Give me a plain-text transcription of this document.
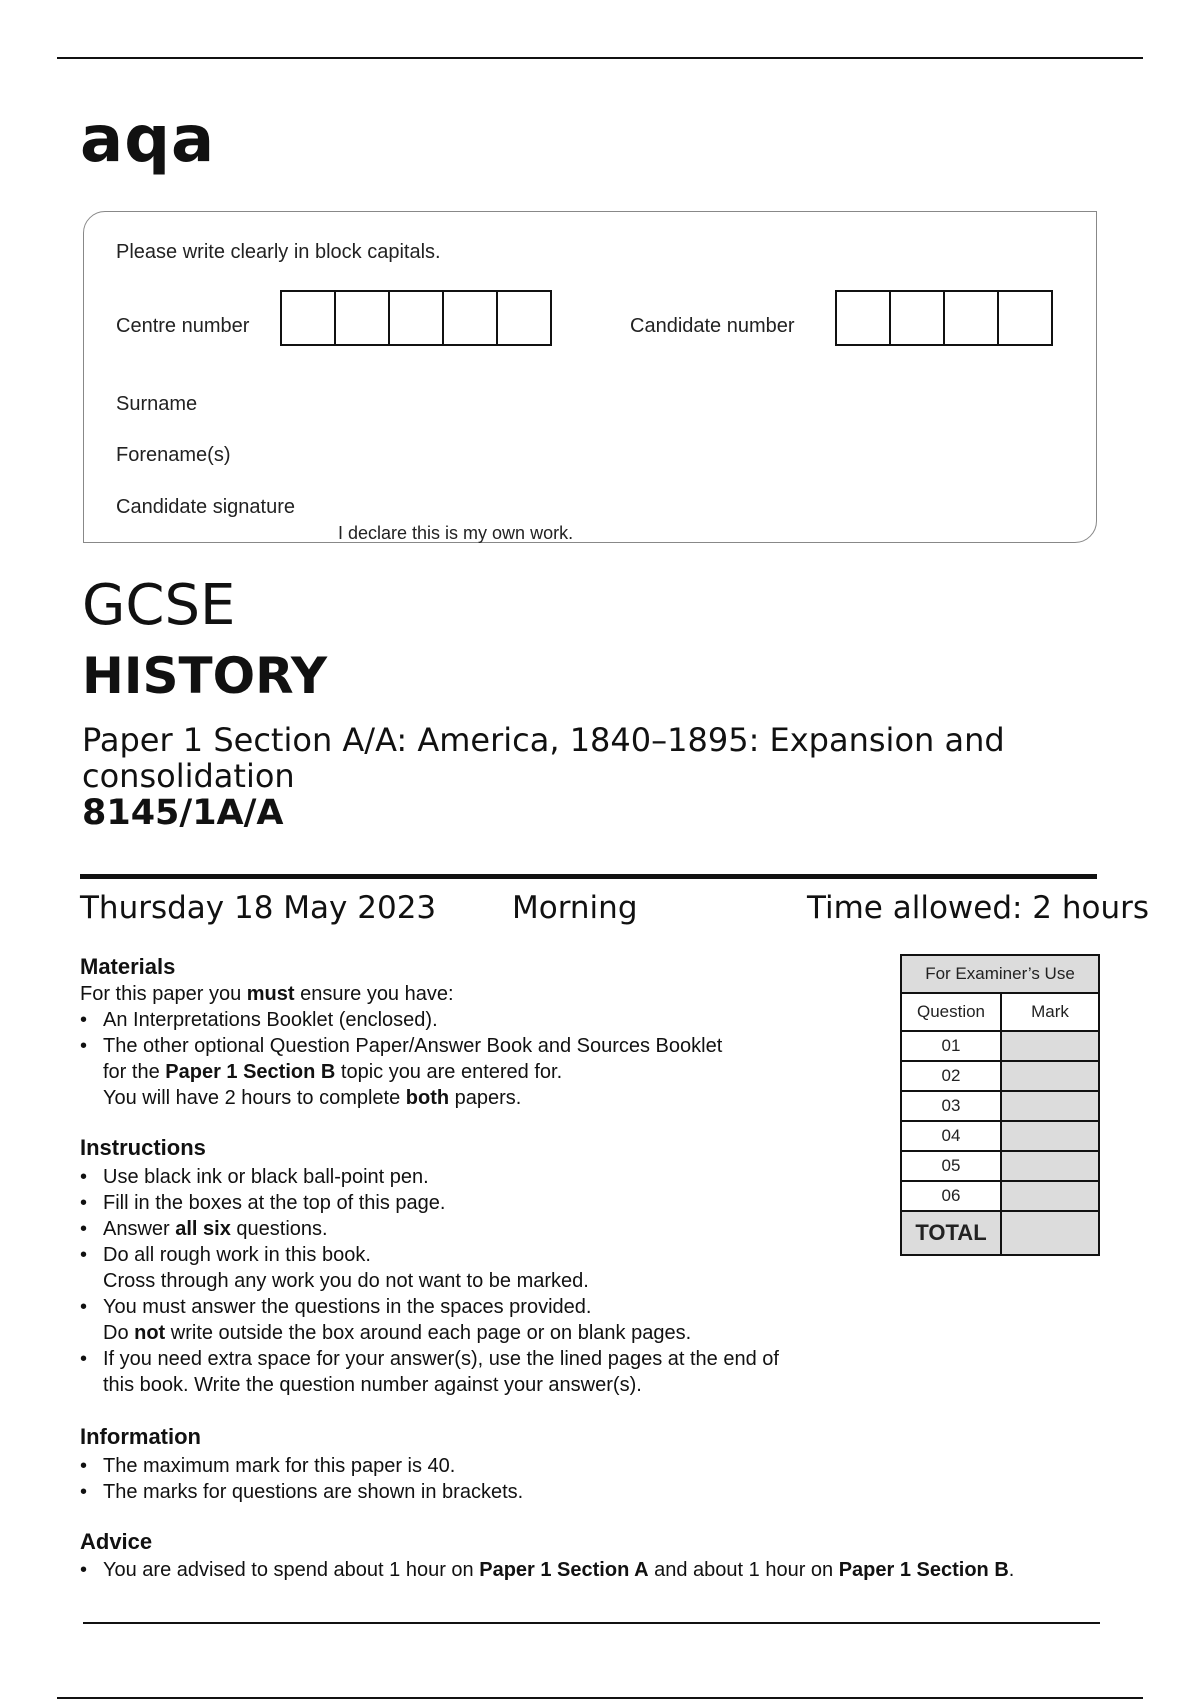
aqa
Please write clearly in block capitals.
Centre number	Candidate number
Surname
Forename(s)
Candidate signature
I declare this is my own work.
GCSE
HISTORY
Paper 1 Section A/A: America, 1840–1895: Expansion and consolidation
8145/1A/A
Thursday 18 May 2023 Morning	Time allowed: 2 hours
Materials
For this paper you must ensure you have:
• An Interpretations Booklet (enclosed).
• The other optional Question Paper/Answer Book and Sources Booklet
for the Paper 1 Section B topic you are entered for.
You will have 2 hours to complete both papers.
Instructions
• Use black ink or black ball-point pen.
• Fill in the boxes at the top of this page.
• Answer all six questions.
• Do all rough work in this book.
Cross through any work you do not want to be marked.
• You must answer the questions in the spaces provided.
Do not write outside the box around each page or on blank pages.
• If you need extra space for your answer(s), use the lined pages at the end of
this book. Write the question number against your answer(s).
Information
• The maximum mark for this paper is 40.
• The marks for questions are shown in brackets.
Advice
• You are advised to spend about 1 hour on Paper 1 Section A and about 1 hour on Paper 1 Section B.
For Examiner’s Use	
Question	Mark
01	
02	
03	
04	
05	
06	
TOTAL	
